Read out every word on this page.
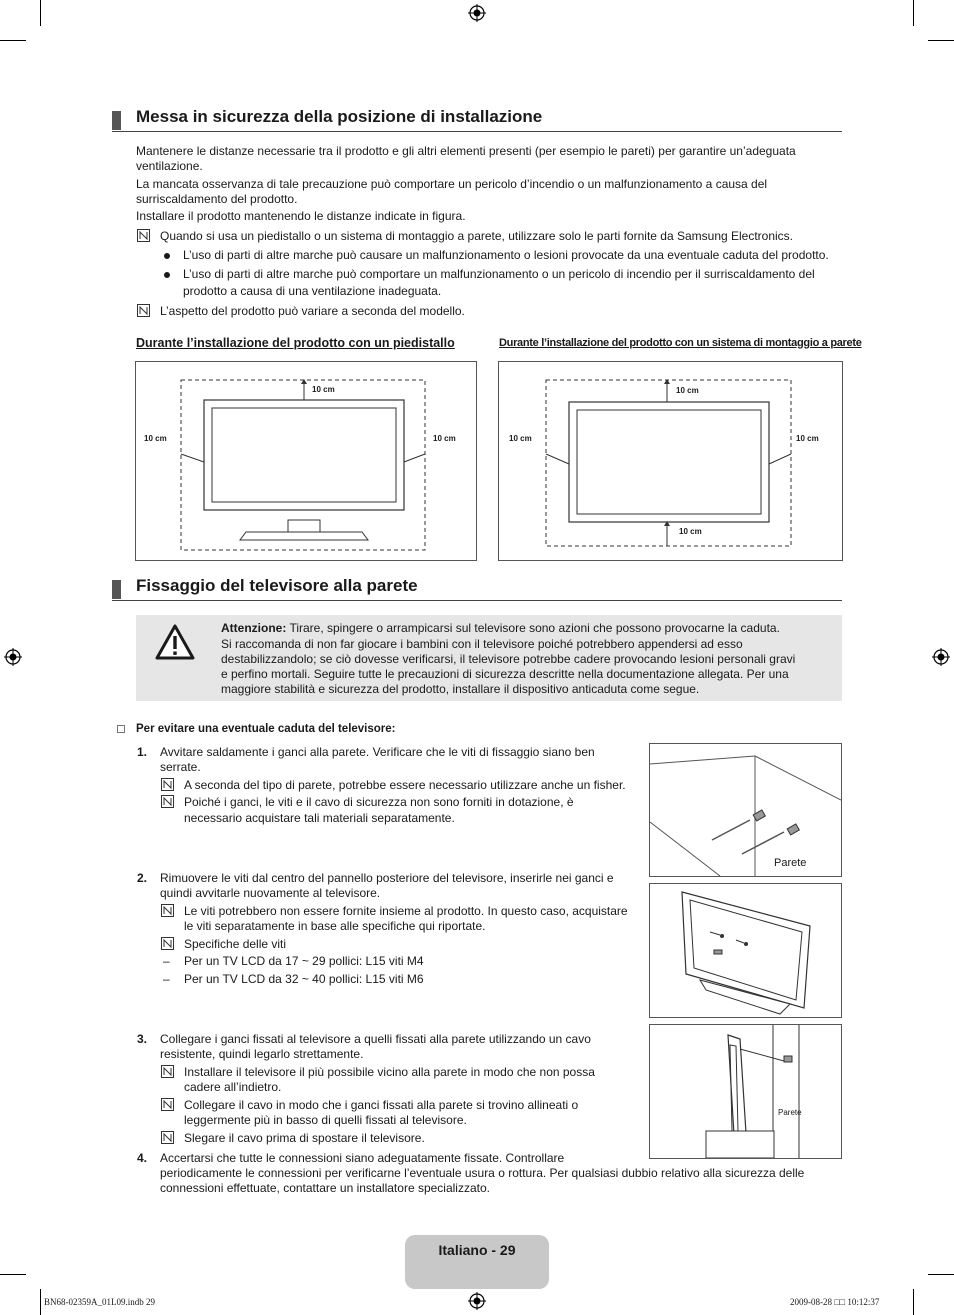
Messa in sicurezza della posizione di installazione
Mantenere le distanze necessarie tra il prodotto e gli altri elementi presenti (per esempio le pareti) per garantire un’adeguata
ventilazione.
La mancata osservanza di tale precauzione può comportare un pericolo d’incendio o un malfunzionamento a causa del
surriscaldamento del prodotto.
Installare il prodotto mantenendo le distanze indicate in figura.
Quando si usa un piedistallo o un sistema di montaggio a parete, utilizzare solo le parti fornite da Samsung Electronics.
L’uso di parti di altre marche può causare un malfunzionamento o lesioni provocate da una eventuale caduta del prodotto.
L’uso di parti di altre marche può comportare un malfunzionamento o un pericolo di incendio per il surriscaldamento del
prodotto a causa di una ventilazione inadeguata.
L’aspetto del prodotto può variare a seconda del modello.
Durante l’installazione del prodotto con un piedistallo	Durante l’installazione del prodotto con un sistema di montaggio a parete
10 cm
10 cm	10 cm
10 cm
10 cm	10 cm
10 cm
Fissaggio del televisore alla parete
Attenzione: Tirare, spingere o arrampicarsi sul televisore sono azioni che possono provocarne la caduta.
Si raccomanda di non far giocare i bambini con il televisore poiché potrebbero appendersi ad esso
destabilizzandolo; se ciò dovesse verificarsi, il televisore potrebbe cadere provocando lesioni personali gravi
e perfino mortali. Seguire tutte le precauzioni di sicurezza descritte nella documentazione allegata. Per una
maggiore stabilità e sicurezza del prodotto, installare il dispositivo anticaduta come segue.
Per evitare una eventuale caduta del televisore:
1. Avvitare saldamente i ganci alla parete. Verificare che le viti di fissaggio siano ben
serrate.
A seconda del tipo di parete, potrebbe essere necessario utilizzare anche un fisher.
Poiché i ganci, le viti e il cavo di sicurezza non sono forniti in dotazione, è
necessario acquistare tali materiali separatamente.
2. Rimuovere le viti dal centro del pannello posteriore del televisore, inserirle nei ganci e
quindi avvitarle nuovamente al televisore.
Le viti potrebbero non essere fornite insieme al prodotto. In questo caso, acquistare
le viti separatamente in base alle specifiche qui riportate.
Specifiche delle viti
– Per un TV LCD da 17 ~ 29 pollici: L15 viti M4
– Per un TV LCD da 32 ~ 40 pollici: L15 viti M6
3. Collegare i ganci fissati al televisore a quelli fissati alla parete utilizzando un cavo
resistente, quindi legarlo strettamente.
Installare il televisore il più possibile vicino alla parete in modo che non possa
cadere all’indietro.
Collegare il cavo in modo che i ganci fissati alla parete si trovino allineati o
leggermente più in basso di quelli fissati al televisore.
Slegare il cavo prima di spostare il televisore.
4. Accertarsi che tutte le connessioni siano adeguatamente fissate. Controllare
periodicamente le connessioni per verificarne l’eventuale usura o rottura. Per qualsiasi dubbio relativo alla sicurezza delle
connessioni effettuate, contattare un installatore specializzato.
Parete
Parete
Italiano - 29
BN68-02359A_01L09.indb 29	2009-08-28 □□ 10:12:37
